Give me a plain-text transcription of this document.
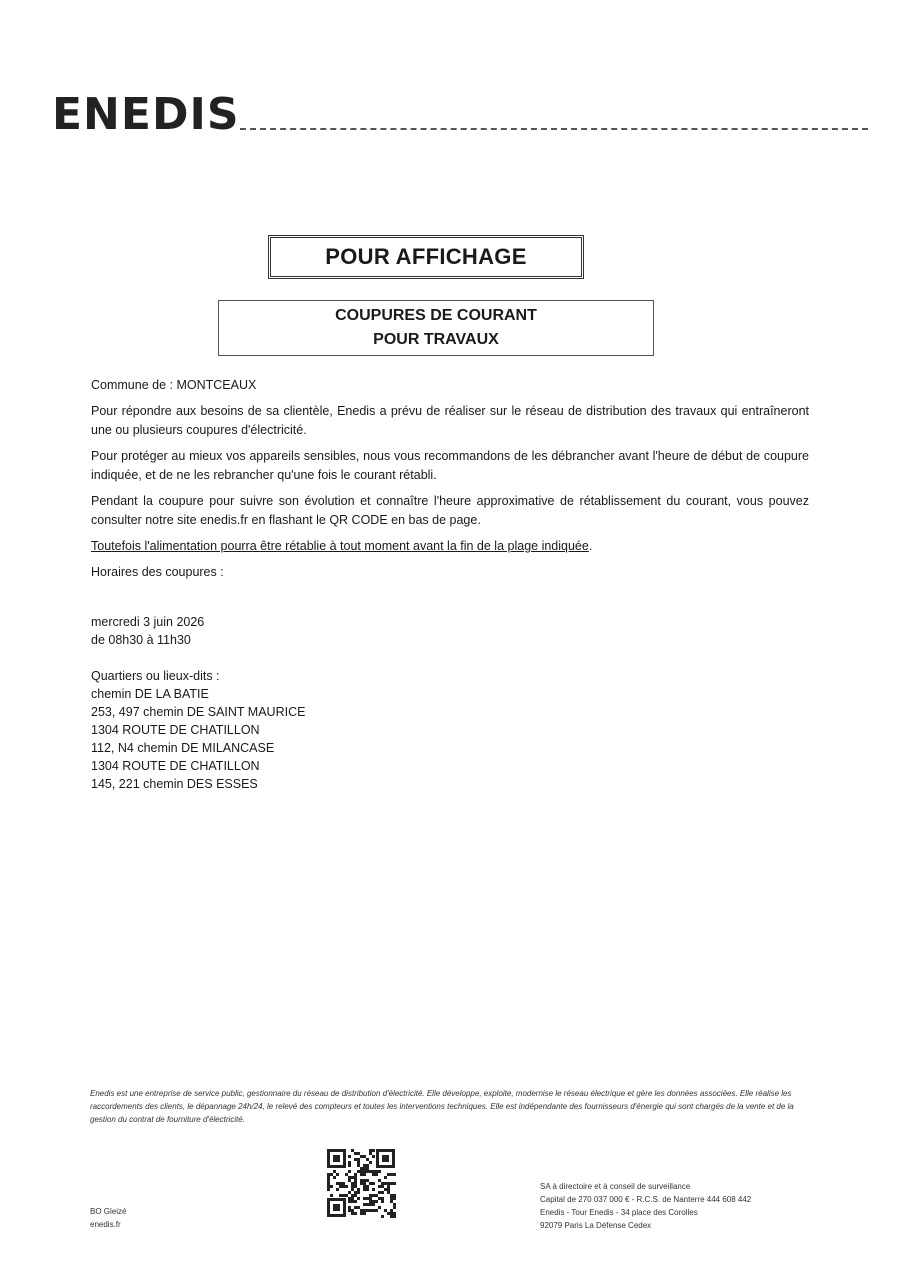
ENEDIS
POUR AFFICHAGE
COUPURES DE COURANT
POUR TRAVAUX

Commune de : MONTCEAUX

Pour répondre aux besoins de sa clientèle, Enedis a prévu de réaliser sur le réseau de distribution des travaux qui entraîneront une ou plusieurs coupures d'électricité.

Pour protéger au mieux vos appareils sensibles, nous vous recommandons de les débrancher avant l'heure de début de coupure indiquée, et de ne les rebrancher qu'une fois le courant rétabli.

Pendant la coupure pour suivre son évolution et connaître l'heure approximative de rétablissement du courant, vous pouvez consulter notre site enedis.fr en flashant le QR CODE en bas de page.

Toutefois l'alimentation pourra être rétablie à tout moment avant la fin de la plage indiquée.

Horaires des coupures :

mercredi 3 juin 2026
de 08h30 à 11h30
Quartiers ou lieux-dits :
chemin DE LA BATIE
253, 497 chemin DE SAINT MAURICE
1304 ROUTE DE CHATILLON
112, N4 chemin DE MILANCASE
1304 ROUTE DE CHATILLON
145, 221 chemin DES ESSES
Enedis est une entreprise de service public, gestionnaire du réseau de distribution d'électricité. Elle développe, exploite, modernise le réseau électrique et gère les données associées. Elle réalise les raccordements des clients, le dépannage 24h/24, le relevé des compteurs et toutes les interventions techniques. Elle est indépendante des fournisseurs d'énergie qui sont chargés de la vente et de la gestion du contrat de fourniture d'électricité.
BO Gleizé
enedis.fr
SA à directoire et à conseil de surveillance
Capital de 270 037 000 € - R.C.S. de Nanterre 444 608 442
Enedis - Tour Enedis - 34 place des Corolles
92079 Paris La Défense Cedex
